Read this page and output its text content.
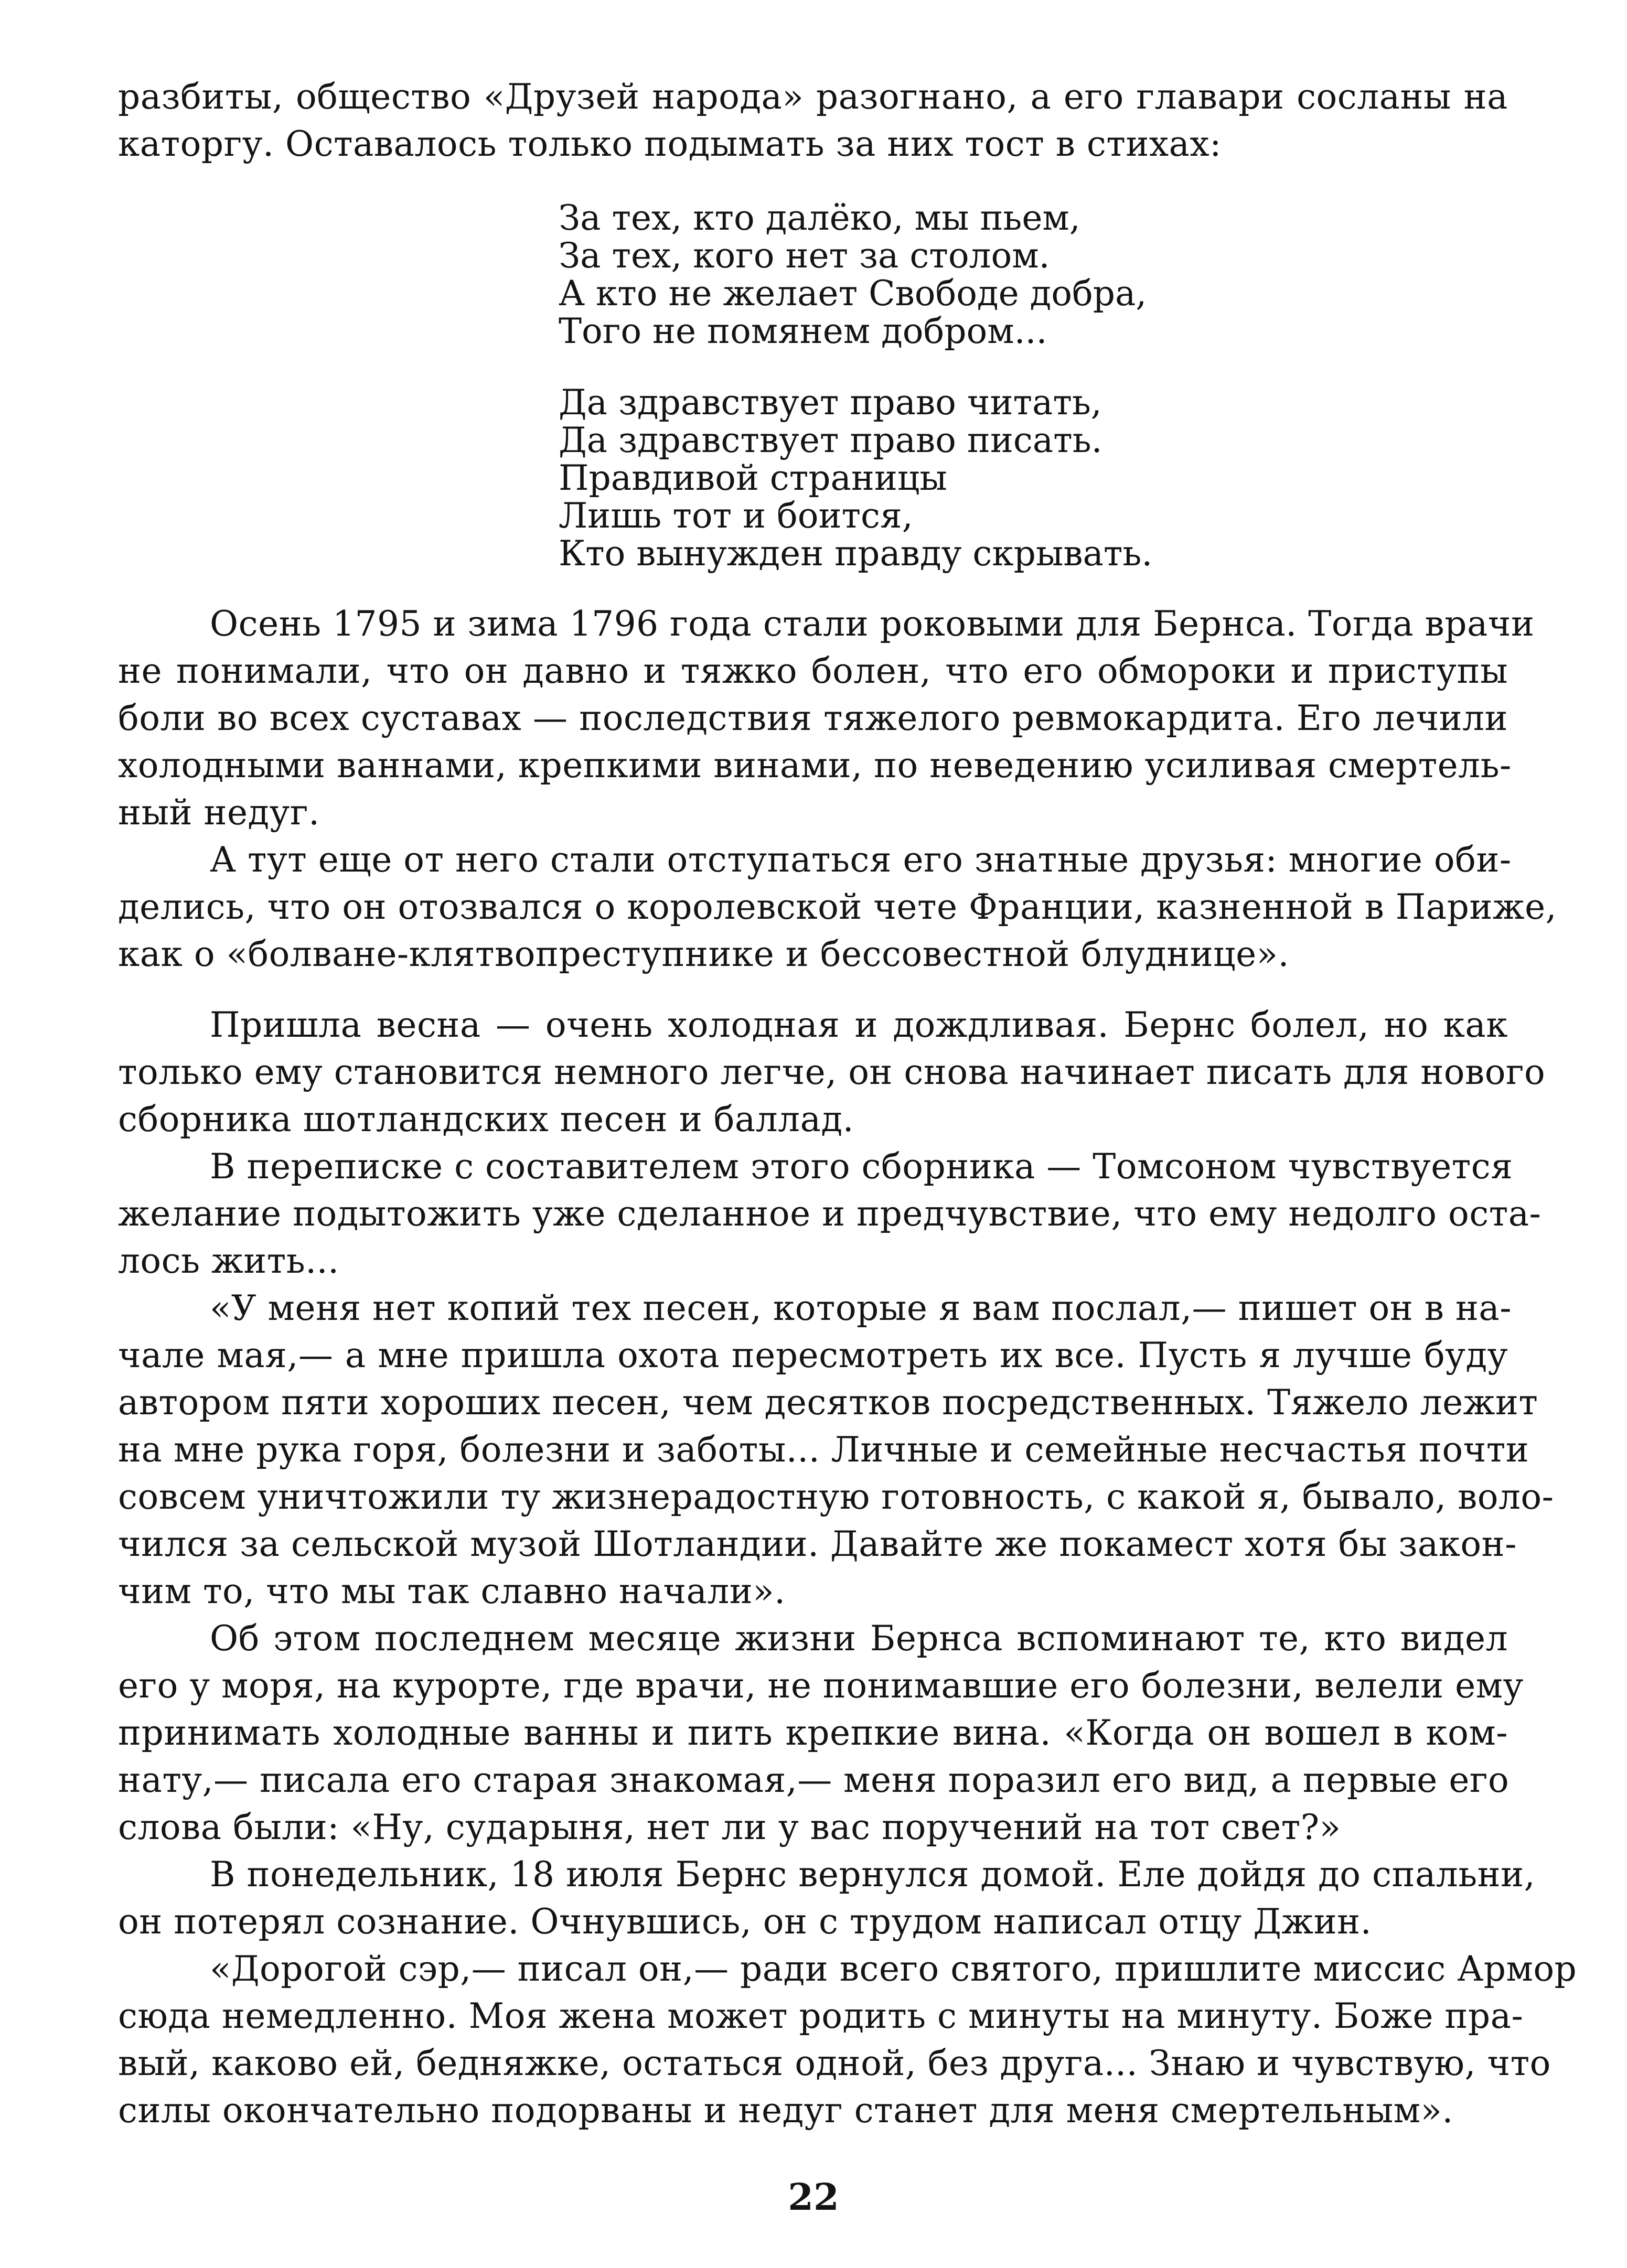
разбиты, общество «Друзей народа» разогнано, а его главари сосланы на
каторгу. Оставалось только подымать за них тост в стихах:
За тех, кто далёко, мы пьем,
За тех, кого нет за столом.
А кто не желает Свободе добра,
Того не помянем добром...
Да здравствует право читать,
Да здравствует право писать.
Правдивой страницы
Лишь тот и боится,
Кто вынужден правду скрывать.
Осень 1795 и зима 1796 года стали роковыми для Бернса. Тогда врачи
не понимали, что он давно и тяжко болен, что его обмороки и приступы
боли во всех суставах — последствия тяжелого ревмокардита. Его лечили
холодными ваннами, крепкими винами, по неведению усиливая смертель-
ный недуг.
А тут еще от него стали отступаться его знатные друзья: многие оби-
делись, что он отозвался о королевской чете Франции, казненной в Париже,
как о «болване-клятвопреступнике и бессовестной блуднице».
Пришла весна — очень холодная и дождливая. Бернс болел, но как
только ему становится немного легче, он снова начинает писать для нового
сборника шотландских песен и баллад.
В переписке с составителем этого сборника — Томсоном чувствуется
желание подытожить уже сделанное и предчувствие, что ему недолго оста-
лось жить...
«У меня нет копий тех песен, которые я вам послал,— пишет он в на-
чале мая,— а мне пришла охота пересмотреть их все. Пусть я лучше буду
автором пяти хороших песен, чем десятков посредственных. Тяжело лежит
на мне рука горя, болезни и заботы... Личные и семейные несчастья почти
совсем уничтожили ту жизнерадостную готовность, с какой я, бывало, воло-
чился за сельской музой Шотландии. Давайте же покамест хотя бы закон-
чим то, что мы так славно начали».
Об этом последнем месяце жизни Бернса вспоминают те, кто видел
его у моря, на курорте, где врачи, не понимавшие его болезни, велели ему
принимать холодные ванны и пить крепкие вина. «Когда он вошел в ком-
нату,— писала его старая знакомая,— меня поразил его вид, а первые его
слова были: «Ну, сударыня, нет ли у вас поручений на тот свет?»
В понедельник, 18 июля Бернс вернулся домой. Еле дойдя до спальни,
он потерял сознание. Очнувшись, он с трудом написал отцу Джин.
«Дорогой сэр,— писал он,— ради всего святого, пришлите миссис Армор
сюда немедленно. Моя жена может родить с минуты на минуту. Боже пра-
вый, каково ей, бедняжке, остаться одной, без друга... Знаю и чувствую, что
силы окончательно подорваны и недуг станет для меня смертельным».
22
